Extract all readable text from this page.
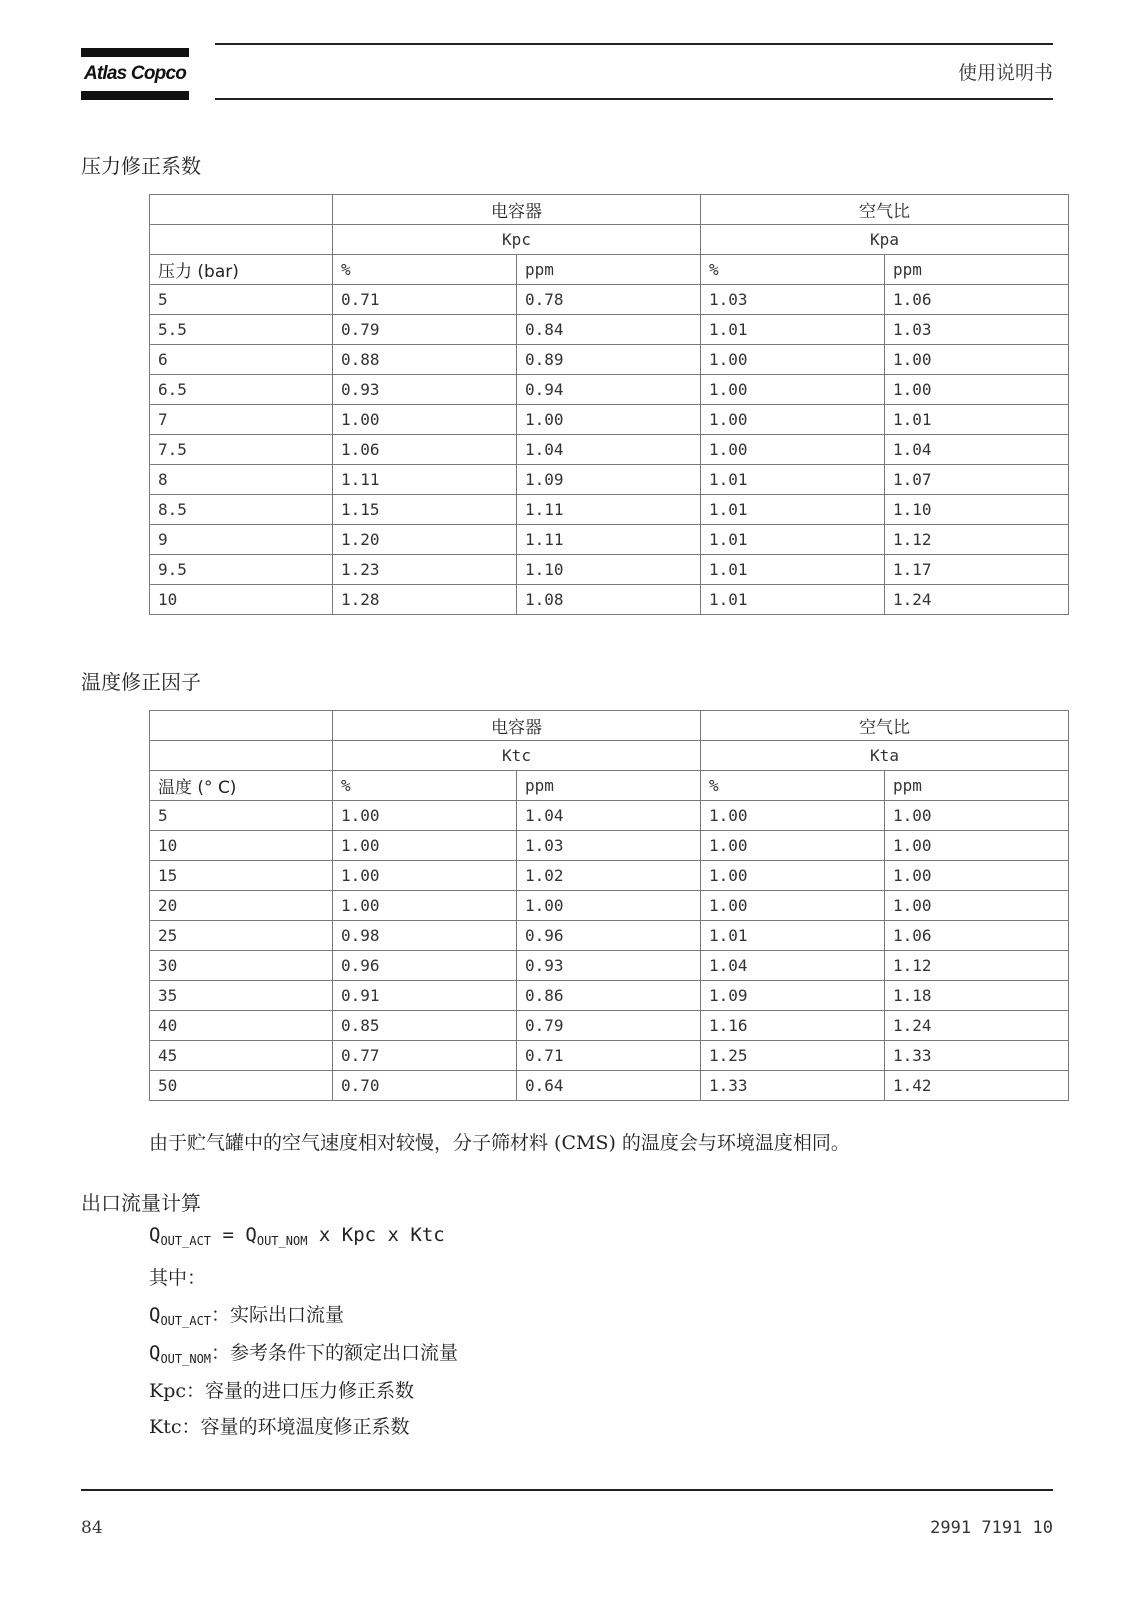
Atlas Copco	使用说明书
压力修正系数
	电容器		空气比	
	Kpc		Kpa	
压力 (bar)	%	ppm	%	ppm
5	0.71	0.78	1.03	1.06
5.5	0.79	0.84	1.01	1.03
6	0.88	0.89	1.00	1.00
6.5	0.93	0.94	1.00	1.00
7	1.00	1.00	1.00	1.01
7.5	1.06	1.04	1.00	1.04
8	1.11	1.09	1.01	1.07
8.5	1.15	1.11	1.01	1.10
9	1.20	1.11	1.01	1.12
9.5	1.23	1.10	1.01	1.17
10	1.28	1.08	1.01	1.24
温度修正因子
	电容器		空气比	
	Ktc		Kta	
温度 (° C)	%	ppm	%	ppm
5	1.00	1.04	1.00	1.00
10	1.00	1.03	1.00	1.00
15	1.00	1.02	1.00	1.00
20	1.00	1.00	1.00	1.00
25	0.98	0.96	1.01	1.06
30	0.96	0.93	1.04	1.12
35	0.91	0.86	1.09	1.18
40	0.85	0.79	1.16	1.24
45	0.77	0.71	1.25	1.33
50	0.70	0.64	1.33	1.42
由于贮气罐中的空气速度相对较慢，分子筛材料 (CMS) 的温度会与环境温度相同。
出口流量计算
$Q_{OUT\_ACT} = Q_{OUT\_NOM}$ x Kpc x Ktc
其中：
$Q_{OUT\_ACT}$：实际出口流量
$Q_{OUT\_NOM}$：参考条件下的额定出口流量
Kpc：容量的进口压力修正系数
Ktc：容量的环境温度修正系数
84	2991 7191 10
